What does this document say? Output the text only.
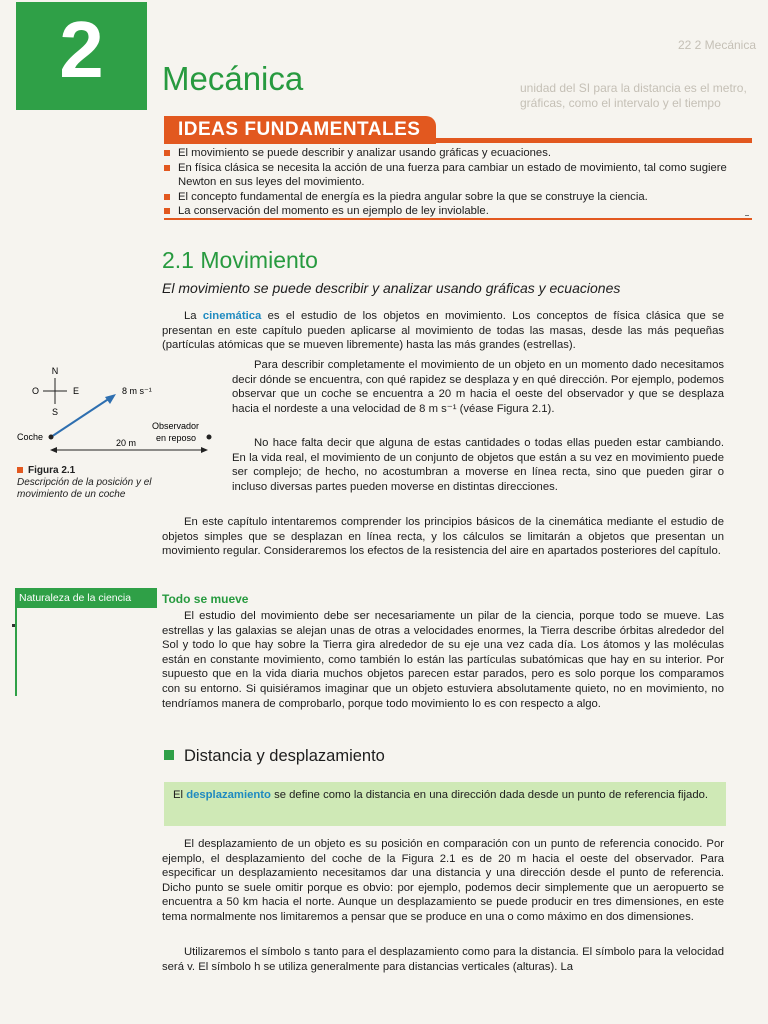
22 2 Mecánica
unidad del SI para la distancia es el metro,
gráficas, como el intervalo y el tiempo
2	Mecánica
IDEAS FUNDAMENTALES
El movimiento se puede describir y analizar usando gráficas y ecuaciones.
En física clásica se necesita la acción de una fuerza para cambiar un estado de movimiento, tal como sugiere Newton en sus leyes del movimiento.
El concepto fundamental de energía es la piedra angular sobre la que se construye la ciencia.
La conservación del momento es un ejemplo de ley inviolable.
2.1 Movimiento
El movimiento se puede describir y analizar usando gráficas y ecuaciones

La cinemática es el estudio de los objetos en movimiento. Los conceptos de física clásica que se presentan en este capítulo pueden aplicarse al movimiento de todas las masas, desde las más pequeñas (partículas atómicas que se mueven libremente) hasta las más grandes (estrellas).

Para describir completamente el movimiento de un objeto en un momento dado necesitamos decir dónde se encuentra, con qué rapidez se desplaza y en qué dirección. Por ejemplo, podemos observar que un coche se encuentra a 20 m hacia el oeste del observador y que se desplaza hacia el nordeste a una velocidad de 8 m s⁻¹ (véase Figura 2.1).

No hace falta decir que alguna de estas cantidades o todas ellas pueden estar cambiando. En la vida real, el movimiento de un conjunto de objetos que están a su vez en movimiento puede ser complejo; de hecho, no acostumbran a moverse en línea recta, sino que pueden girar o incluso diversas partes pueden moverse en distintas direcciones.

En este capítulo intentaremos comprender los principios básicos de la cinemática mediante el estudio de objetos simples que se desplazan en línea recta, y los cálculos se limitarán a objetos que presentan un movimiento regular. Consideraremos los efectos de la resistencia del aire en apartados posteriores del capítulo.

N
S
E
O	8 m s⁻¹
Coche
20 m
Observador
en reposo
Figura 2.1
Descripción de la posición y el movimiento de un coche
Naturaleza de la ciencia	Todo se mueve

El estudio del movimiento debe ser necesariamente un pilar de la ciencia, porque todo se mueve. Las estrellas y las galaxias se alejan unas de otras a velocidades enormes, la Tierra describe órbitas alrededor del Sol y todo lo que hay sobre la Tierra gira alrededor de su eje una vez cada día. Los átomos y las moléculas están en constante movimiento, como también lo están las partículas subatómicas que hay en su interior. Por supuesto que en la vida diaria muchos objetos parecen estar parados, pero es solo porque los comparamos con su entorno. Si quisiéramos imaginar que un objeto estuviera absolutamente quieto, no en movimiento, no tendríamos manera de comprobarlo, porque todo movimiento lo es con respecto a algo.

Distancia y desplazamiento
El desplazamiento se define como la distancia en una dirección dada desde un punto de referencia fijado.

El desplazamiento de un objeto es su posición en comparación con un punto de referencia conocido. Por ejemplo, el desplazamiento del coche de la Figura 2.1 es de 20 m hacia el oeste del observador. Para especificar un desplazamiento necesitamos dar una distancia y una dirección desde el punto de referencia. Dicho punto se suele omitir porque es obvio: por ejemplo, podemos decir simplemente que un aeropuerto se encuentra a 50 km hacia el norte. Aunque un desplazamiento se puede producir en tres dimensiones, en este tema normalmente nos limitaremos a pensar que se produce en una o como máximo en dos dimensiones.

Utilizaremos el símbolo s tanto para el desplazamiento como para la distancia. El símbolo para la velocidad será v. El símbolo h se utiliza generalmente para distancias verticales (alturas). La
